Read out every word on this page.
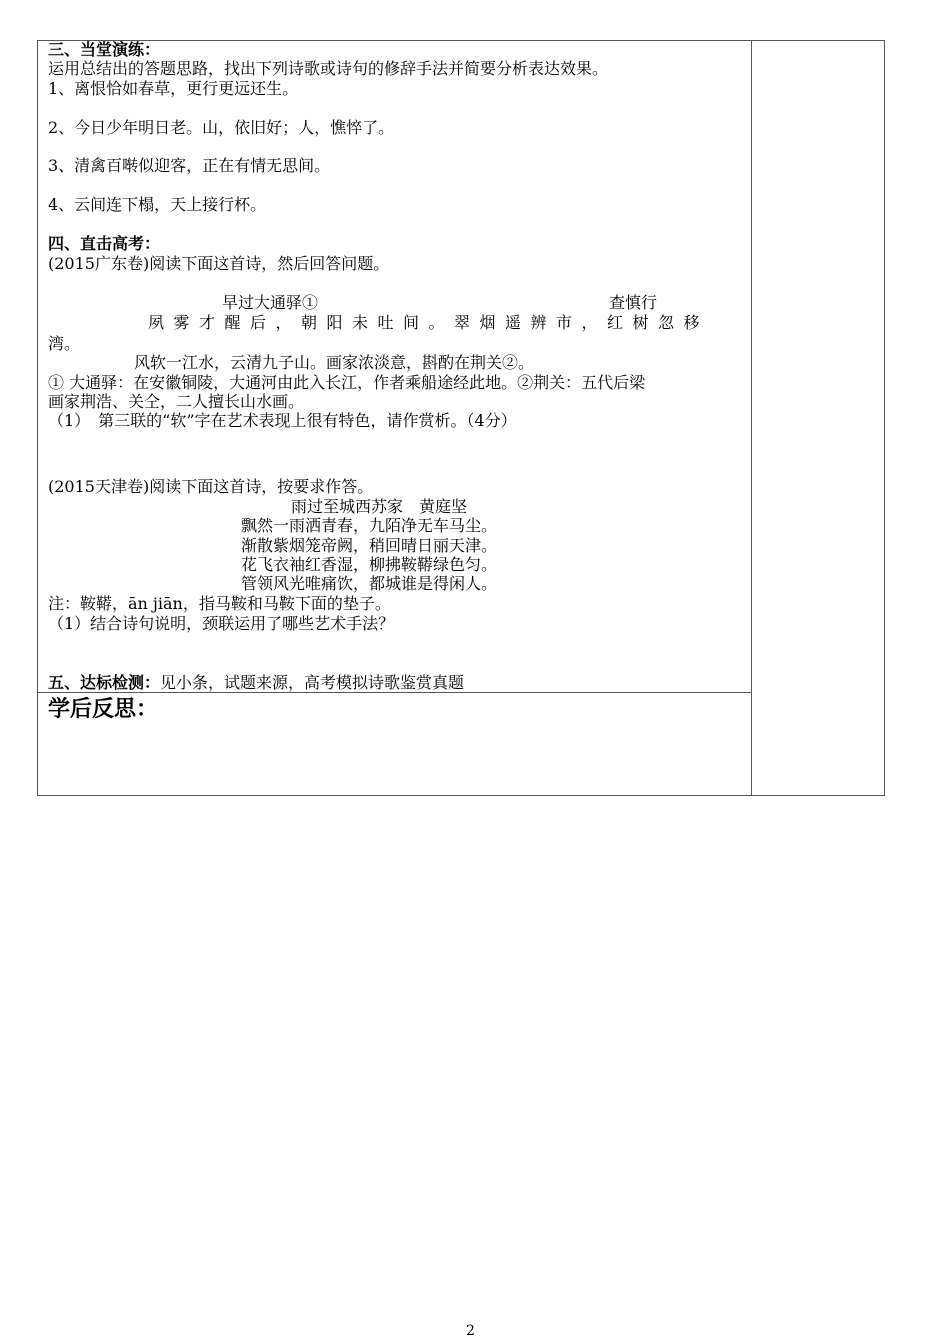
三、当堂演练：
运用总结出的答题思路，找出下列诗歌或诗句的修辞手法并简要分析表达效果。
1、离恨恰如春草，更行更远还生。
2、今日少年明日老。山，依旧好；人，憔悴了。
3、清禽百啭似迎客，正在有情无思间。
4、云间连下榻，天上接行杯。
四、直击高考：
(2015广东卷)阅读下面这首诗，然后回答问题。
早过大通驿①	查慎行
夙雾才醒后，朝阳未吐间。翠烟遥辨市，红树忽移
湾。
风软一江水，云清九子山。画家浓淡意，斟酌在荆关②。
① 大通驿：在安徽铜陵，大通河由此入长江，作者乘船途经此地。②荆关：五代后梁
画家荆浩、关仝，二人擅长山水画。
（1）　第三联的“软”字在艺术表现上很有特色，请作赏析。（4分）
(2015天津卷)阅读下面这首诗，按要求作答。
雨过至城西苏家　黄庭坚
飘然一雨洒青春，九陌净无车马尘。
渐散紫烟笼帝阙，稍回晴日丽天津。
花飞衣袖红香湿，柳拂鞍鞯绿色匀。
管领风光唯痛饮，都城谁是得闲人。
注：鞍鞯，ān jiān，指马鞍和马鞍下面的垫子。
（1）结合诗句说明，颈联运用了哪些艺术手法？
五、达标检测：见小条，试题来源，高考模拟诗歌鉴赏真题
学后反思：
2
